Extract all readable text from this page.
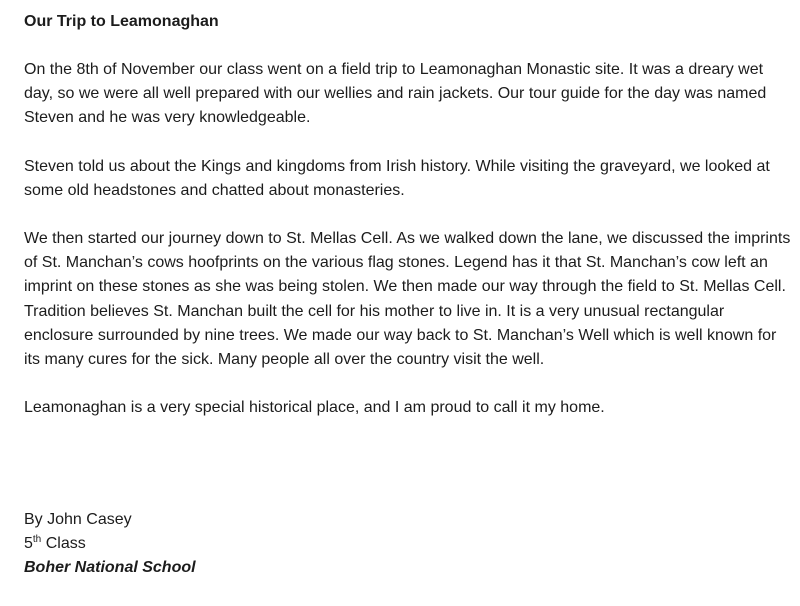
Our Trip to Leamonaghan

On the 8th of November our class went on a field trip to Leamonaghan Monastic site. It was a dreary wet day, so we were all well prepared with our wellies and rain jackets. Our tour guide for the day was named Steven and he was very knowledgeable.

Steven told us about the Kings and kingdoms from Irish history. While visiting the graveyard, we looked at some old headstones and chatted about monasteries.

We then started our journey down to St. Mellas Cell. As we walked down the lane, we discussed the imprints of St. Manchan’s cows hoofprints on the various flag stones. Legend has it that St. Manchan’s cow left an imprint on these stones as she was being stolen. We then made our way through the field to St. Mellas Cell. Tradition believes St. Manchan built the cell for his mother to live in. It is a very unusual rectangular enclosure surrounded by nine trees. We made our way back to St. Manchan’s Well which is well known for its many cures for the sick. Many people all over the country visit the well.

Leamonaghan is a very special historical place, and I am proud to call it my home.

By John Casey
5th Class
Boher National School
